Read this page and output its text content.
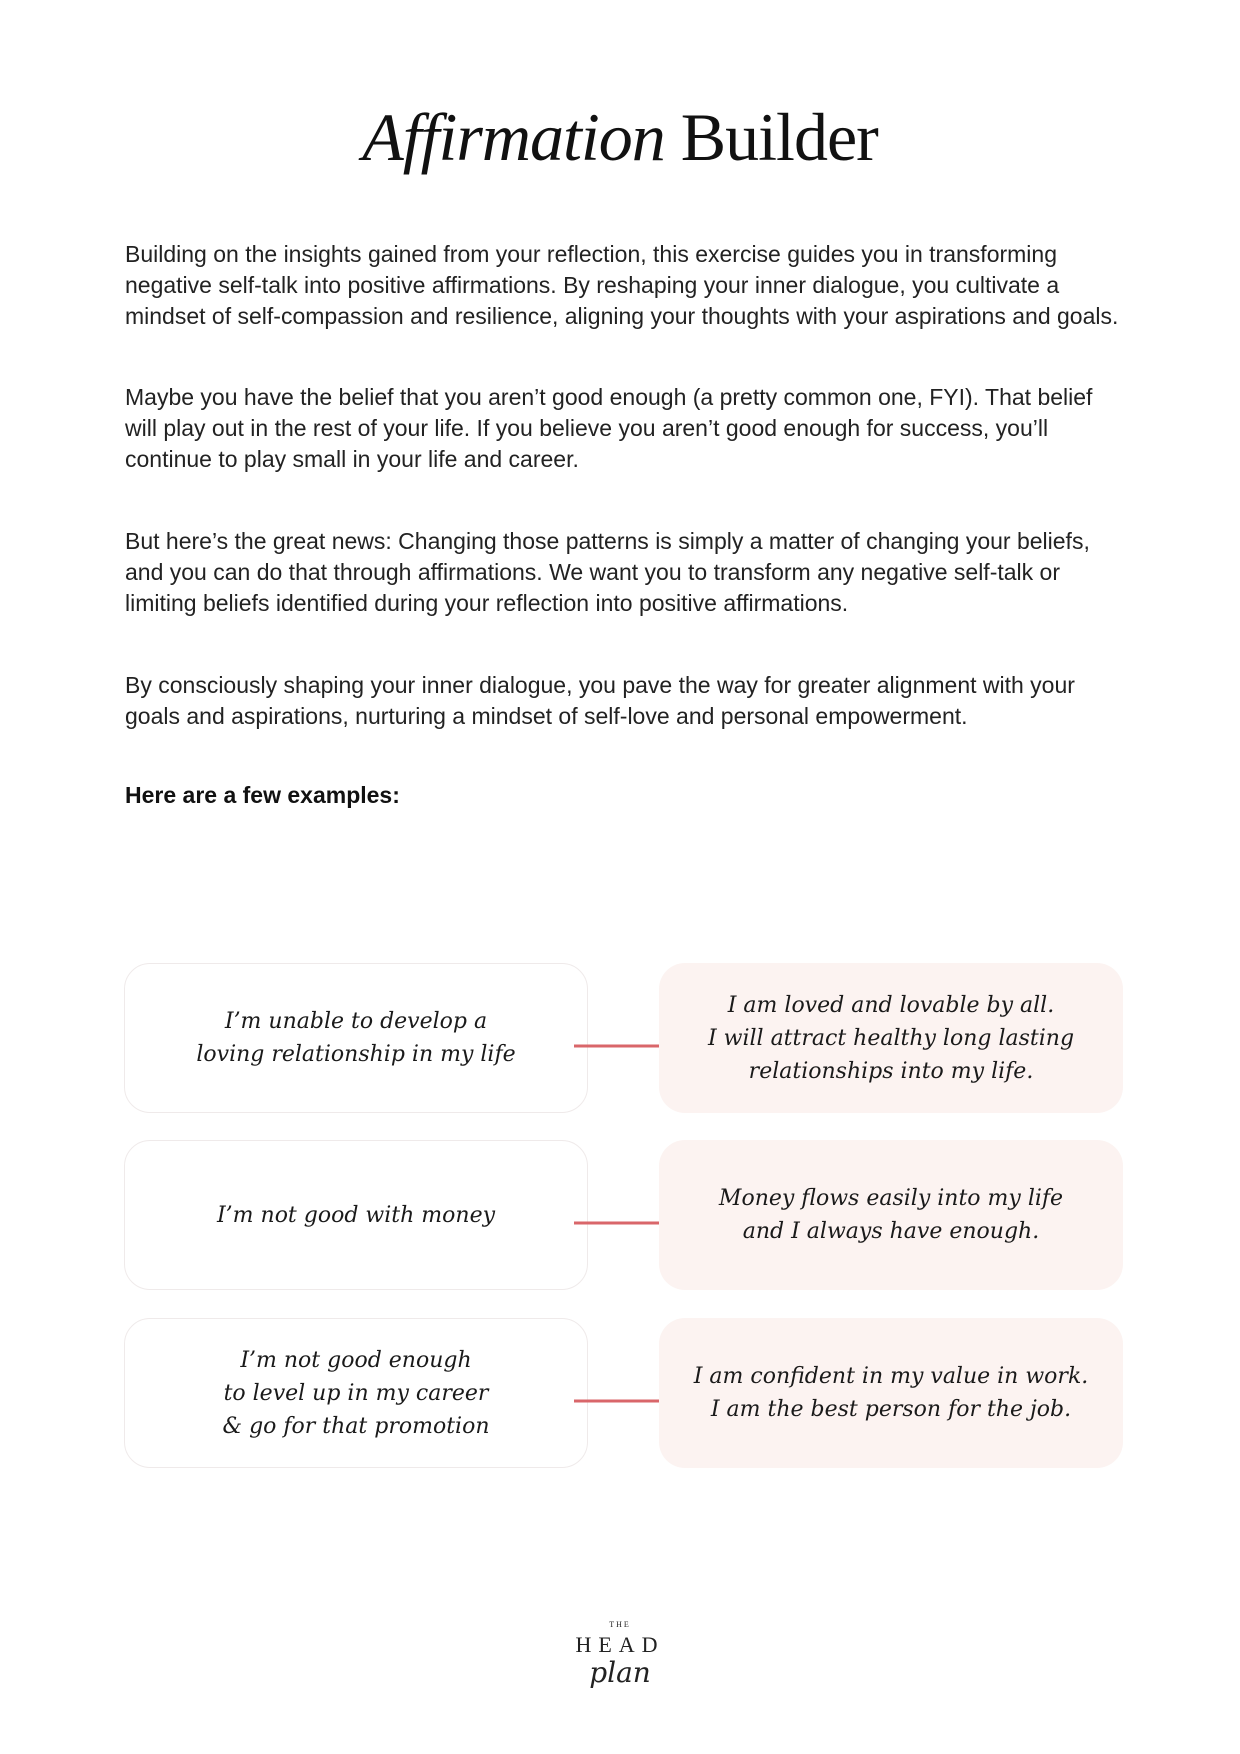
Affirmation Builder

Building on the insights gained from your reflection, this exercise guides you in transforming negative self-talk into positive affirmations. By reshaping your inner dialogue, you cultivate a mindset of self-compassion and resilience, aligning your thoughts with your aspirations and goals.

Maybe you have the belief that you aren’t good enough (a pretty common one, FYI). That belief will play out in the rest of your life. If you believe you aren’t good enough for success, you’ll continue to play small in your life and career.

But here’s the great news: Changing those patterns is simply a matter of changing your beliefs, and you can do that through affirmations. We want you to transform any negative self-talk or limiting beliefs identified during your reflection into positive affirmations.

By consciously shaping your inner dialogue, you pave the way for greater alignment with your goals and aspirations, nurturing a mindset of self-love and personal empowerment.

Here are a few examples:
I’m unable to develop a
loving relationship in my life
I am loved and lovable by all.
I will attract healthy long lasting
relationships into my life.
I’m not good with money
Money flows easily into my life
and I always have enough.
I’m not good enough
to level up in my career
& go for that promotion
I am confident in my value in work.
I am the best person for the job.
THE
HEAD
plan
